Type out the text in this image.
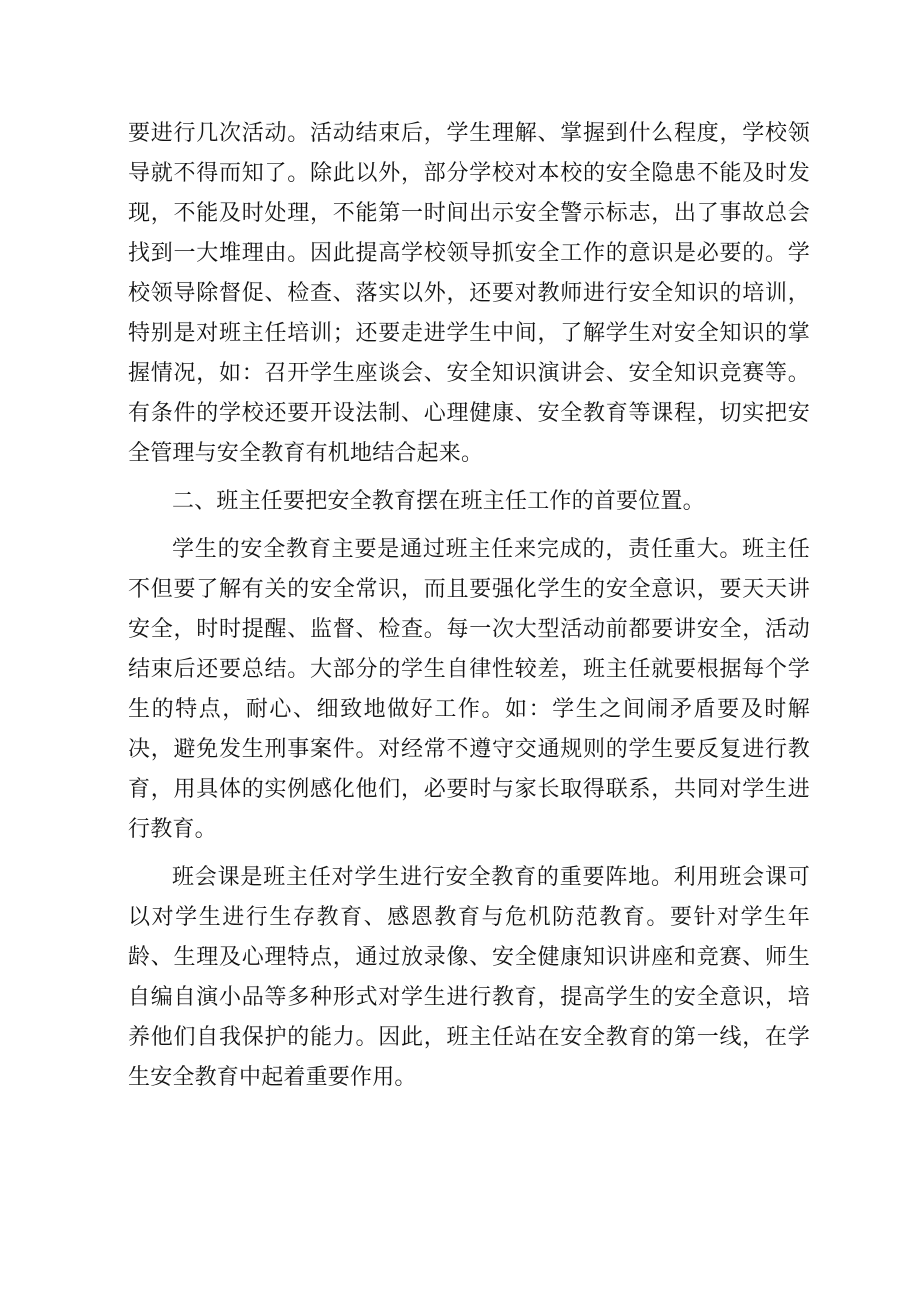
要进行几次活动。活动结束后，学生理解、掌握到什么程度，学校领导就不得而知了。除此以外，部分学校对本校的安全隐患不能及时发现，不能及时处理，不能第一时间出示安全警示标志，出了事故总会找到一大堆理由。因此提高学校领导抓安全工作的意识是必要的。学校领导除督促、检查、落实以外，还要对教师进行安全知识的培训，特别是对班主任培训；还要走进学生中间，了解学生对安全知识的掌握情况，如：召开学生座谈会、安全知识演讲会、安全知识竞赛等。有条件的学校还要开设法制、心理健康、安全教育等课程，切实把安全管理与安全教育有机地结合起来。

二、班主任要把安全教育摆在班主任工作的首要位置。

学生的安全教育主要是通过班主任来完成的，责任重大。班主任不但要了解有关的安全常识，而且要强化学生的安全意识，要天天讲安全，时时提醒、监督、检查。每一次大型活动前都要讲安全，活动结束后还要总结。大部分的学生自律性较差，班主任就要根据每个学生的特点，耐心、细致地做好工作。如：学生之间闹矛盾要及时解决，避免发生刑事案件。对经常不遵守交通规则的学生要反复进行教育，用具体的实例感化他们，必要时与家长取得联系，共同对学生进行教育。

班会课是班主任对学生进行安全教育的重要阵地。利用班会课可以对学生进行生存教育、感恩教育与危机防范教育。要针对学生年龄、生理及心理特点，通过放录像、安全健康知识讲座和竞赛、师生自编自演小品等多种形式对学生进行教育，提高学生的安全意识，培养他们自我保护的能力。因此，班主任站在安全教育的第一线，在学生安全教育中起着重要作用。
